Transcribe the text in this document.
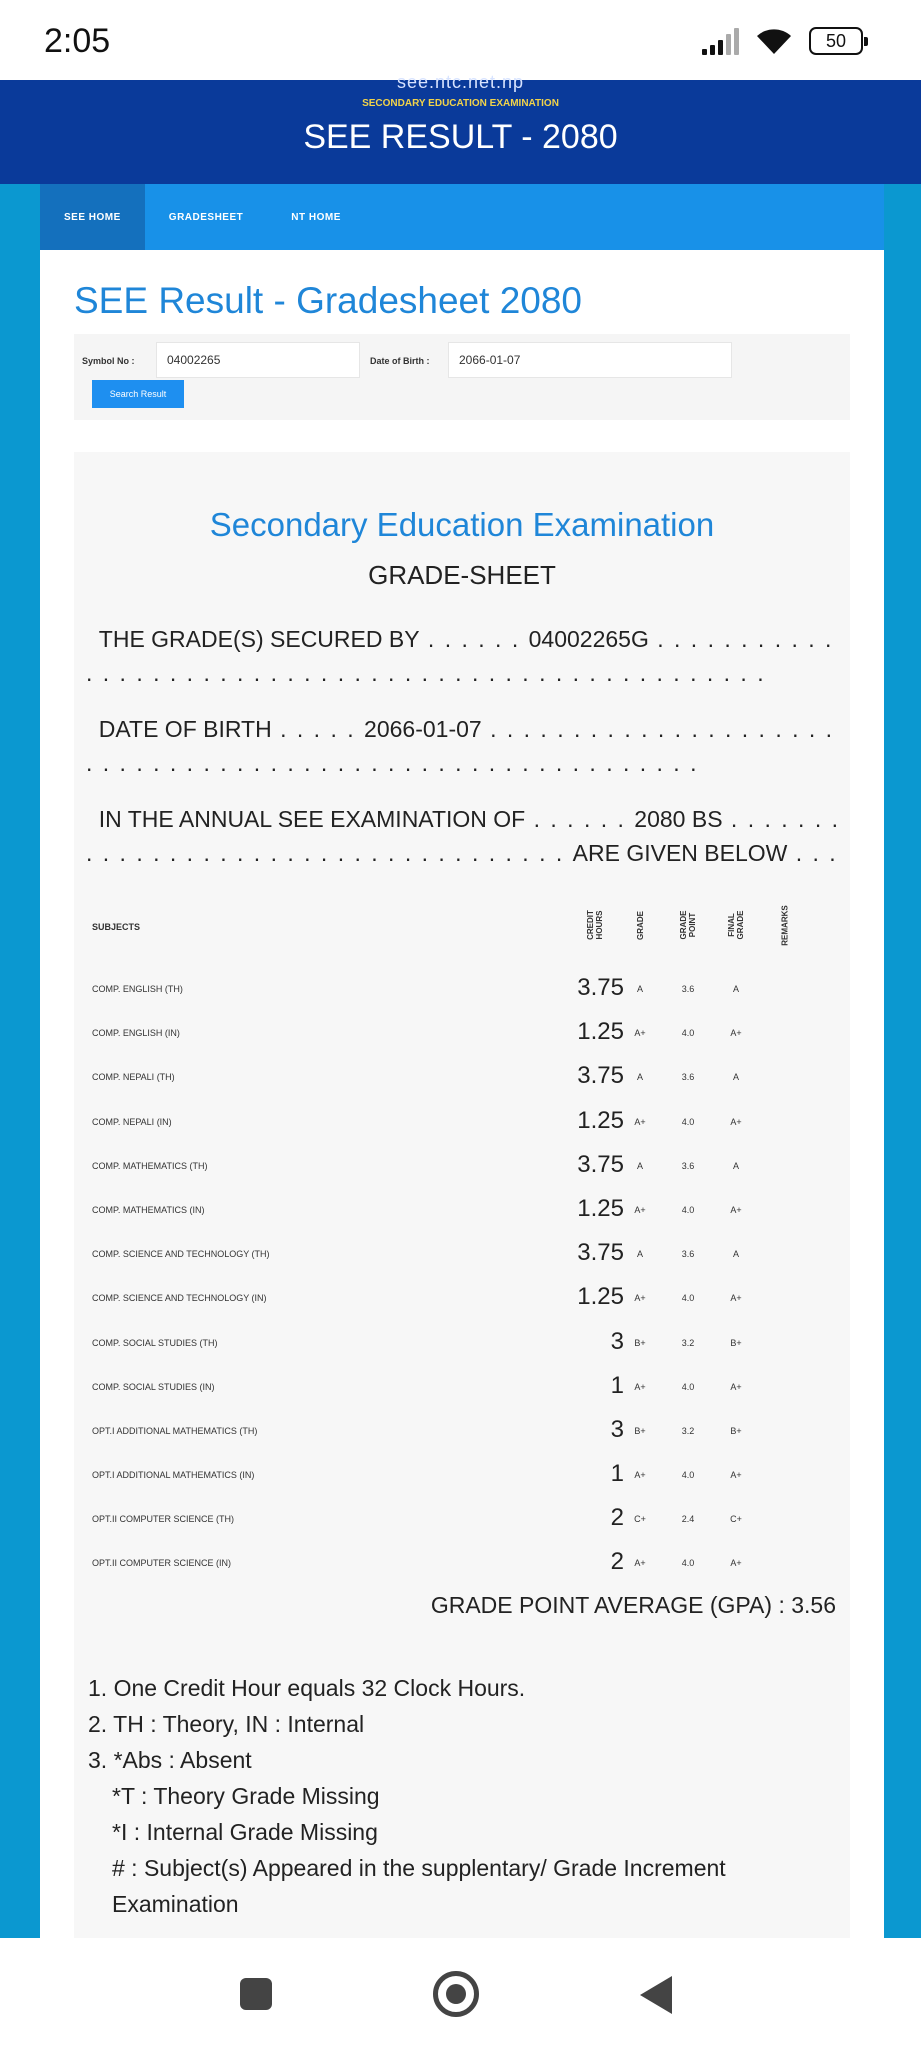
2:05	50
see.ntc.net.np
SECONDARY EDUCATION EXAMINATION
SEE RESULT - 2080
SEE HOME	GRADESHEET	NT HOME
SEE Result - Gradesheet 2080
Symbol No :	04002265	Date of Birth :	2066-01-07
Search Result
Secondary Education Examination
GRADE-SHEET
THE GRADE(S) SECURED BY . . . . . . 04002265G . . . . . . . . . . . . . . . . . . . . . . . . . . . . . . . . . . . . . . . . . . . . . . . . . . . .
DATE OF BIRTH . . . . . 2066-01-07 . . . . . . . . . . . . . . . . . . . . . . . . . . . . . . . . . . . . . . . . . . . . . . . . . . . . . . . . . .
IN THE ANNUAL SEE EXAMINATION OF . . . . . . 2080 BS . . . . . . . . . . . . . . . . . . . . . . . . . . . . . . . . . . . . ARE GIVEN BELOW . . .
SUBJECTS	CREDIT HOURS	GRADE	GRADE POINT	FINAL GRADE	REMARKS
COMP. ENGLISH (TH)	3.75	A	3.6	A
COMP. ENGLISH (IN)	1.25	A+	4.0	A+
COMP. NEPALI (TH)	3.75	A	3.6	A
COMP. NEPALI (IN)	1.25	A+	4.0	A+
COMP. MATHEMATICS (TH)	3.75	A	3.6	A
COMP. MATHEMATICS (IN)	1.25	A+	4.0	A+
COMP. SCIENCE AND TECHNOLOGY (TH)	3.75	A	3.6	A
COMP. SCIENCE AND TECHNOLOGY (IN)	1.25	A+	4.0	A+
COMP. SOCIAL STUDIES (TH)	3	B+	3.2	B+
COMP. SOCIAL STUDIES (IN)	1	A+	4.0	A+
OPT.I ADDITIONAL MATHEMATICS (TH)	3	B+	3.2	B+
OPT.I ADDITIONAL MATHEMATICS (IN)	1	A+	4.0	A+
OPT.II COMPUTER SCIENCE (TH)	2	C+	2.4	C+
OPT.II COMPUTER SCIENCE (IN)	2	A+	4.0	A+
GRADE POINT AVERAGE (GPA) : 3.56
1. One Credit Hour equals 32 Clock Hours.
2. TH : Theory, IN : Internal
3. *Abs : Absent
*T : Theory Grade Missing
*I : Internal Grade Missing
# : Subject(s) Appeared in the supplentary/ Grade Increment Examination
